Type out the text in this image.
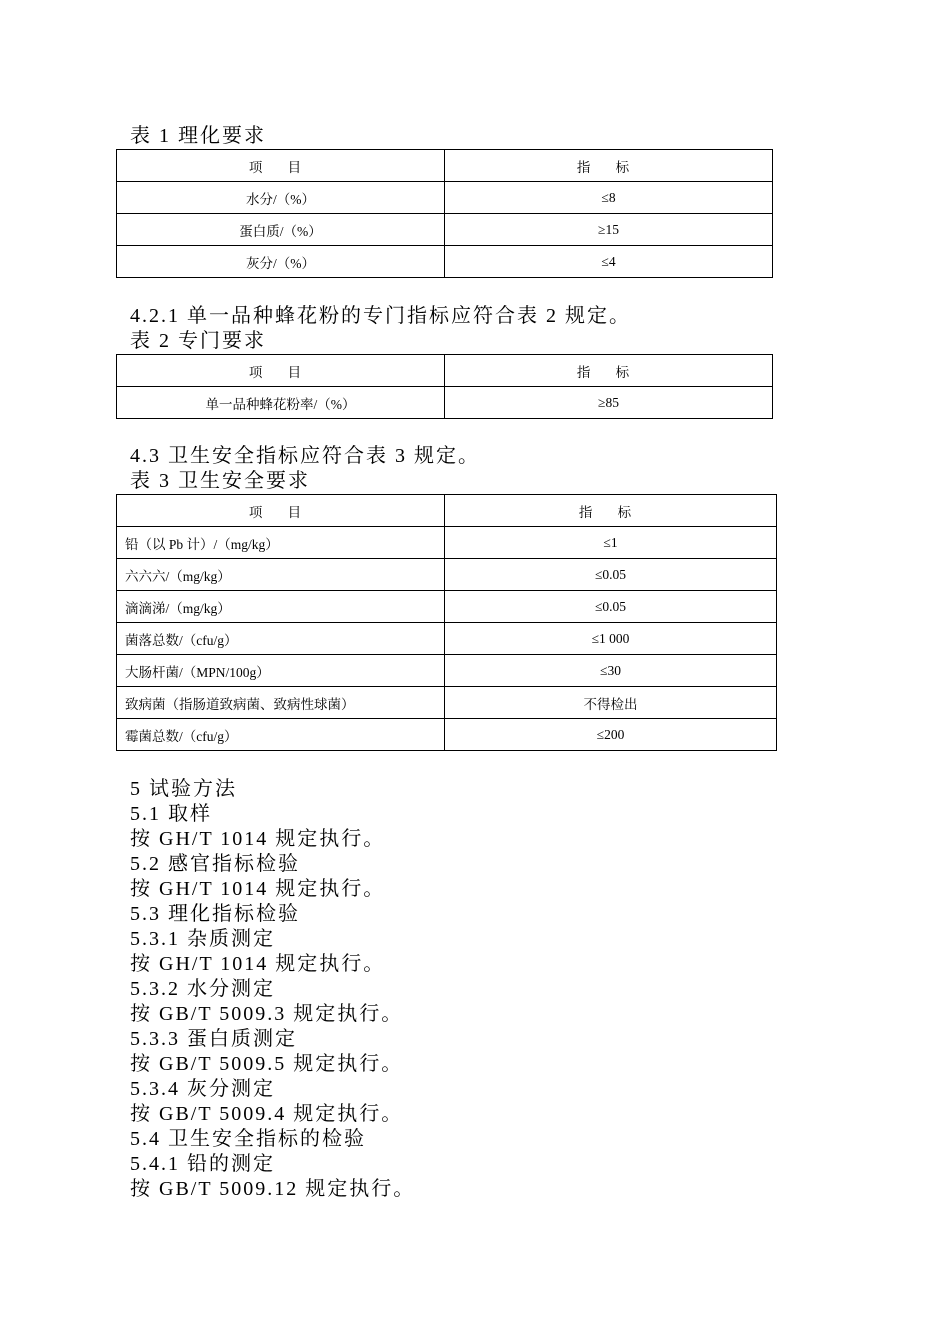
表 1 理化要求
项 目	指 标
水分/（%）	≤8
蛋白质/（%）	≥15
灰分/（%）	≤4
4.2.1 单一品种蜂花粉的专门指标应符合表 2 规定。
表 2 专门要求
项 目	指 标
单一品种蜂花粉率/（%）	≥85
4.3 卫生安全指标应符合表 3 规定。
表 3 卫生安全要求
项 目	指 标
铅（以 Pb 计）/（mg/kg）	≤1
六六六/（mg/kg）	≤0.05
滴滴涕/（mg/kg）	≤0.05
菌落总数/（cfu/g）	≤1 000
大肠杆菌/（MPN/100g）	≤30
致病菌（指肠道致病菌、致病性球菌）	不得检出
霉菌总数/（cfu/g）	≤200
5 试验方法
5.1 取样
按 GH/T 1014 规定执行。
5.2 感官指标检验
按 GH/T 1014 规定执行。
5.3 理化指标检验
5.3.1 杂质测定
按 GH/T 1014 规定执行。
5.3.2 水分测定
按 GB/T 5009.3 规定执行。
5.3.3 蛋白质测定
按 GB/T 5009.5 规定执行。
5.3.4 灰分测定
按 GB/T 5009.4 规定执行。
5.4 卫生安全指标的检验
5.4.1 铅的测定
按 GB/T 5009.12 规定执行。
